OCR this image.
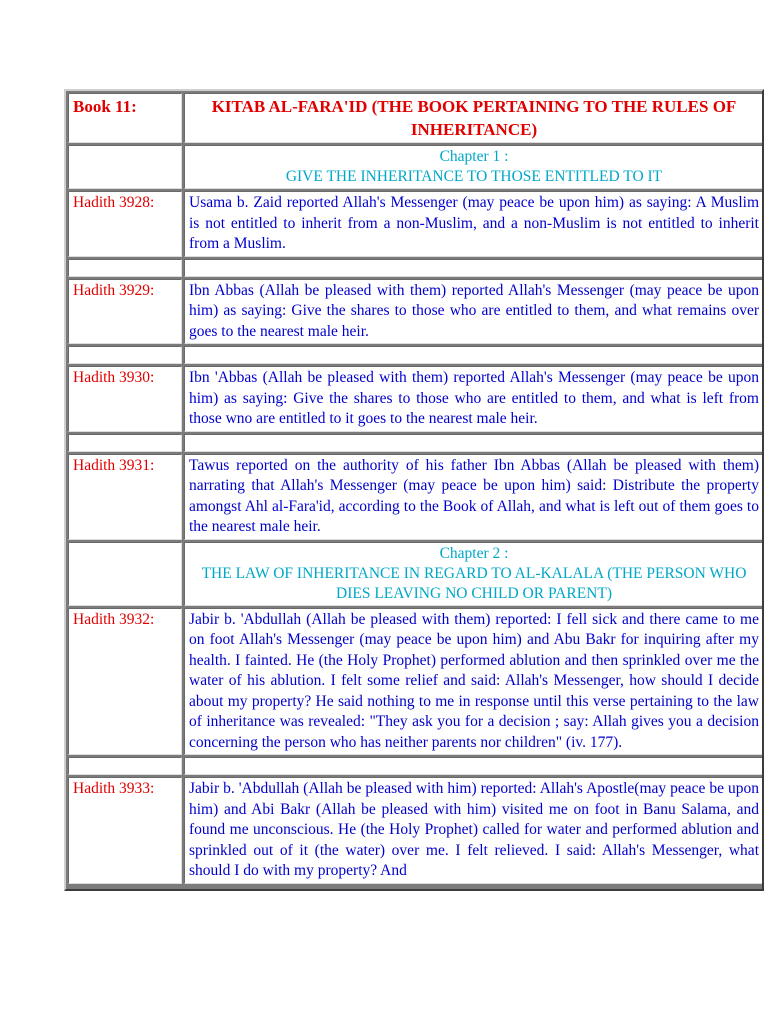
Book 11:	KITAB AL-FARA'ID (THE BOOK PERTAINING TO THE RULES OF INHERITANCE)
Chapter 1 :
GIVE THE INHERITANCE TO THOSE ENTITLED TO IT
Hadith 3928:	Usama b. Zaid reported Allah's Messenger (may peace be upon him) as saying: A Muslim is not entitled to inherit from a non-Muslim, and a non-Muslim is not entitled to inherit from a Muslim.
Hadith 3929:	Ibn Abbas (Allah be pleased with them) reported Allah's Messenger (may peace be upon him) as saying: Give the shares to those who are entitled to them, and what remains over goes to the nearest male heir.
Hadith 3930:	Ibn 'Abbas (Allah be pleased with them) reported Allah's Messenger (may peace be upon him) as saying: Give the shares to those who are entitled to them, and what is left from those wno are entitled to it goes to the nearest male heir.
Hadith 3931:	Tawus reported on the authority of his father Ibn Abbas (Allah be pleased with them) narrating that Allah's Messenger (may peace be upon him) said: Distribute the property amongst Ahl al-Fara'id, according to the Book of Allah, and what is left out of them goes to the nearest male heir.
Chapter 2 :
THE LAW OF INHERITANCE IN REGARD TO AL-KALALA (THE PERSON WHO DIES LEAVING NO CHILD OR PARENT)
Hadith 3932:	Jabir b. 'Abdullah (Allah be pleased with them) reported: I fell sick and there came to me on foot Allah's Messenger (may peace be upon him) and Abu Bakr for inquiring after my health. I fainted. He (the Holy Prophet) performed ablution and then sprinkled over me the water of his ablution. I felt some relief and said: Allah's Messenger, how should I decide about my property? He said nothing to me in response until this verse pertaining to the law of inheritance was revealed: "They ask you for a decision ; say: Allah gives you a decision concerning the person who has neither parents nor children" (iv. 177).
Hadith 3933:	Jabir b. 'Abdullah (Allah be pleased with him) reported: Allah's Apostle(may peace be upon him) and Abi Bakr (Allah be pleased with him) visited me on foot in Banu Salama, and found me unconscious. He (the Holy Prophet) called for water and performed ablution and sprinkled out of it (the water) over me. I felt relieved. I said: Allah's Messenger, what should I do with my property? And
